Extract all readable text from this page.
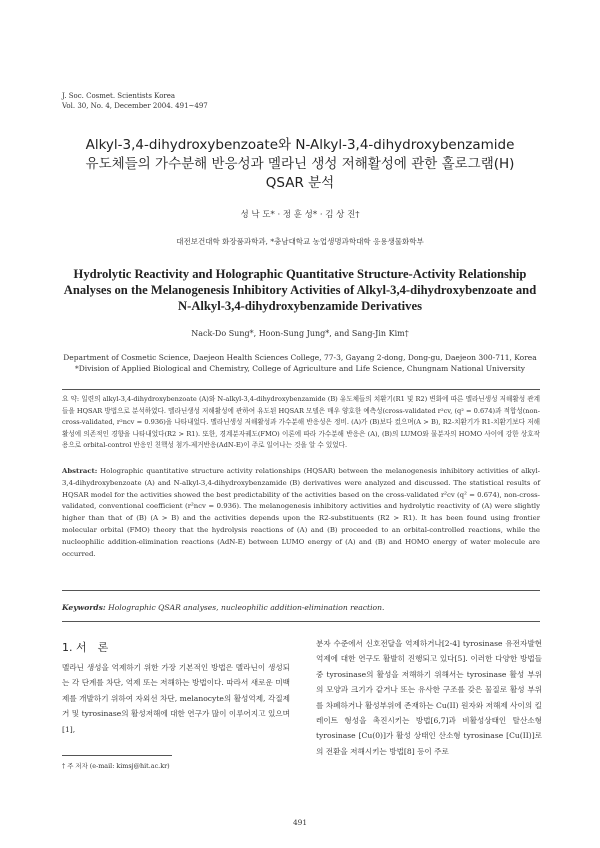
J. Soc. Cosmet. Scientists Korea
Vol. 30, No. 4, December 2004. 491~497
Alkyl-3,4-dihydroxybenzoate와 N-Alkyl-3,4-dihydroxybenzamide
유도체들의 가수분해 반응성과 멜라닌 생성 저해활성에 관한 홀로그램(H)
QSAR 분석
성 낙 도* · 정 훈 성* · 김 상 진†
대전보건대학 화장품과학과, *충남대학교 농업생명과학대학 응용생물화학부
Hydrolytic Reactivity and Holographic Quantitative Structure-Activity Relationship
Analyses on the Melanogenesis Inhibitory Activities of Alkyl-3,4-dihydroxybenzoate and
N-Alkyl-3,4-dihydroxybenzamide Derivatives
Nack-Do Sung*, Hoon-Sung Jung*, and Sang-Jin Kim†
Department of Cosmetic Science, Daejeon Health Sciences College, 77-3, Gayang 2-dong, Dong-gu, Daejeon 300-711, Korea
*Division of Applied Biological and Chemistry, College of Agriculture and Life Science, Chungnam National University
요 약: 일련의 alkyl-3,4-dihydroxybenzoate (A)와 N-alkyl-3,4-dihydroxybenzamide (B) 유도체들의 치환기(R1 및 R2) 변화에 따른 멜라닌생성 저해활성 관계들을 HQSAR 방법으로 분석하였다. 멜라닌생성 저해활성에 관하여 유도된 HQSAR 모델은 매우 양호한 예측성(cross-validated r²cv, (q² = 0.674)과 적합성(non-cross-validated, r²ncv = 0.936)을 나타내었다. 멜라닌생성 저해활성과 가수분해 반응성은 정비. (A)가 (B)보다 컸으며(A > B), R2-치환기가 R1-치환기보다 저해활성에 의존적인 경향을 나타내었다(R2 > R1). 또한, 경계분자궤도(FMO) 이론에 따라 가수분해 반응은 (A), (B)의 LUMO와 물분자의 HOMO 사이에 강한 상호작용으로 orbital-control 반응인 친핵성 첨가-제거반응(AdN-E)이 주로 일어나는 것을 알 수 있었다.
Abstract: Holographic quantitative structure activity relationships (HQSAR) between the melanogenesis inhibitory activities of alkyl-3,4-dihydroxybenzoate (A) and N-alkyl-3,4-dihydroxybenzamide (B) derivatives were analyzed and discussed. The statistical results of HQSAR model for the activities showed the best predictability of the activities based on the cross-validated r²cv (q² = 0.674), non-cross-validated, conventional coefficient (r²ncv = 0.936). The melanogenesis inhibitory activities and hydrolytic reactivity of (A) were slightly higher than that of (B) (A > B) and the activities depends upon the R2-substituents (R2 > R1). It has been found using frontier molecular orbital (FMO) theory that the hydrolysis reactions of (A) and (B) proceeded to an orbital-controlled reactions, while the nucleophilic addition-elimination reactions (AdN-E) between LUMO energy of (A) and (B) and HOMO energy of water molecule are occurred.
Keywords: Holographic QSAR analyses, nucleophilic addition-elimination reaction.
1. 서　론
멜라닌 생성을 억제하기 위한 가장 기본적인 방법은 멜라닌이 생성되는 각 단계를 차단, 억제 또는 저해하는 방법이다. 따라서 새로운 미백제를 개발하기 위하여 자외선 차단, melanocyte의 활성억제, 각질제거 및 tyrosinase의 활성저해에 대한 연구가 많이 이루어지고 있으며[1],
분자 수준에서 신호전달을 억제하거나[2-4] tyrosinase 유전자발현 억제에 대한 연구도 활발히 진행되고 있다[5]. 이러한 다양한 방법들 중 tyrosinase의 활성을 저해하기 위해서는 tyrosinase 활성 부위의 모양과 크기가 같거나 또는 유사한 구조를 갖은 물질로 활성 부위를 차폐하거나 활성부위에 존재하는 Cu(II) 원자와 저해제 사이의 킬레이트 형성을 촉진시키는 방법[6,7]과 비활성상태인 탈산소형 tyrosinase [Cu(0)]가 활성 상태인 산소형 tyrosinase [Cu(II)]로의 전환을 저해시키는 방법[8] 등이 주로
† 주 저자 (e-mail: kimsj@hit.ac.kr)
491
